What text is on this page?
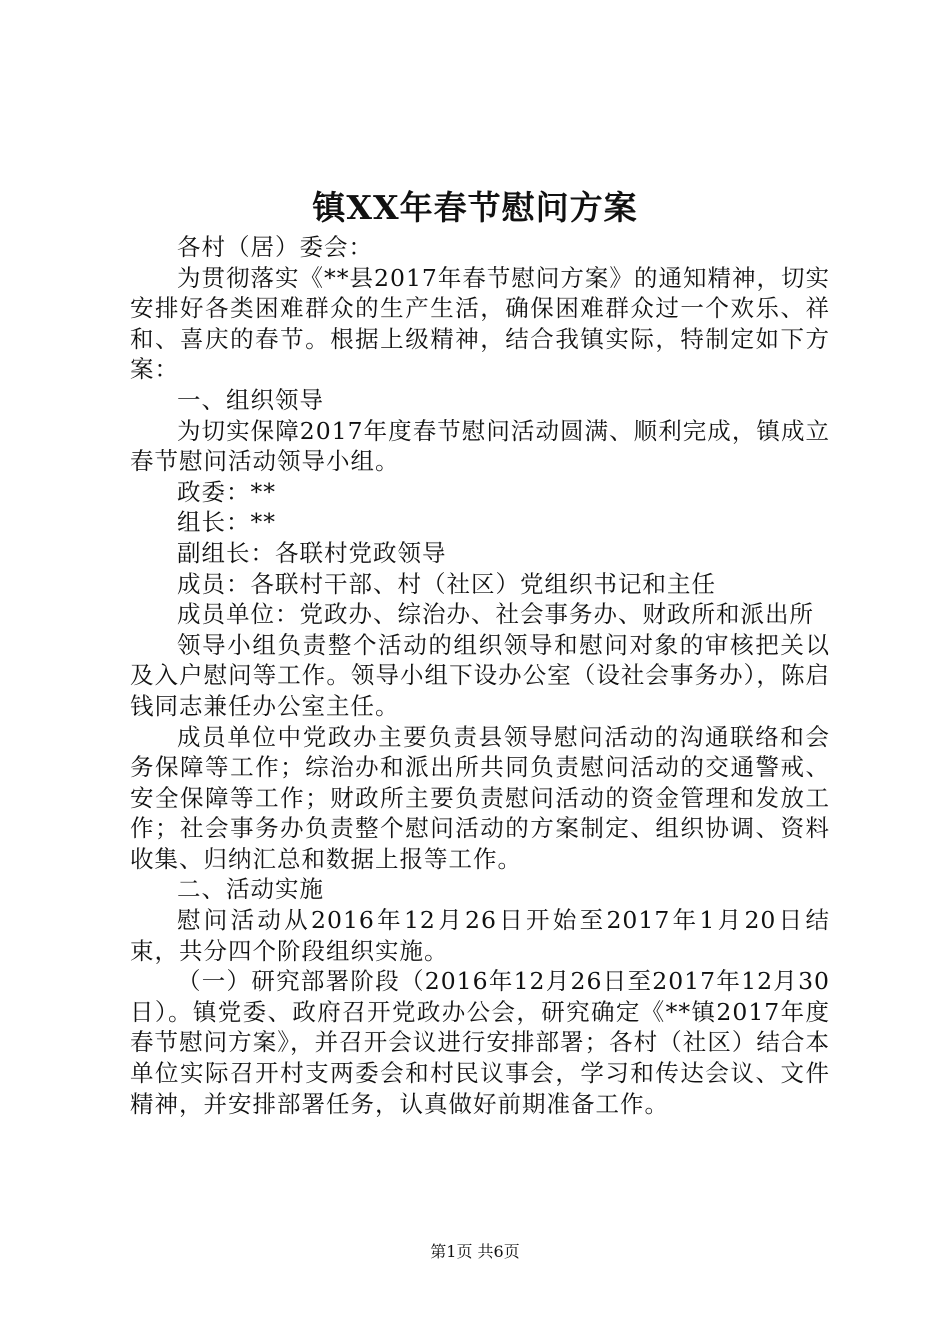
镇XX年春节慰问方案

各村（居）委会：

为贯彻落实《**县2017年春节慰问方案》的通知精神，切实安排好各类困难群众的生产生活，确保困难群众过一个欢乐、祥和、喜庆的春节。根据上级精神，结合我镇实际，特制定如下方案：

一、组织领导

为切实保障2017年度春节慰问活动圆满、顺利完成，镇成立春节慰问活动领导小组。

政委：**

组长：**

副组长：各联村党政领导

成员：各联村干部、村（社区）党组织书记和主任

成员单位：党政办、综治办、社会事务办、财政所和派出所

领导小组负责整个活动的组织领导和慰问对象的审核把关以及入户慰问等工作。领导小组下设办公室（设社会事务办），陈启钱同志兼任办公室主任。

成员单位中党政办主要负责县领导慰问活动的沟通联络和会务保障等工作；综治办和派出所共同负责慰问活动的交通警戒、安全保障等工作；财政所主要负责慰问活动的资金管理和发放工作；社会事务办负责整个慰问活动的方案制定、组织协调、资料收集、归纳汇总和数据上报等工作。

二、活动实施

慰问活动从2016年12月26日开始至2017年1月20日结束，共分四个阶段组织实施。

（一）研究部署阶段（2016年12月26日至2017年12月30日）。镇党委、政府召开党政办公会，研究确定《**镇2017年度春节慰问方案》，并召开会议进行安排部署；各村（社区）结合本单位实际召开村支两委会和村民议事会，学习和传达会议、文件精神，并安排部署任务，认真做好前期准备工作。

第1页 共6页
